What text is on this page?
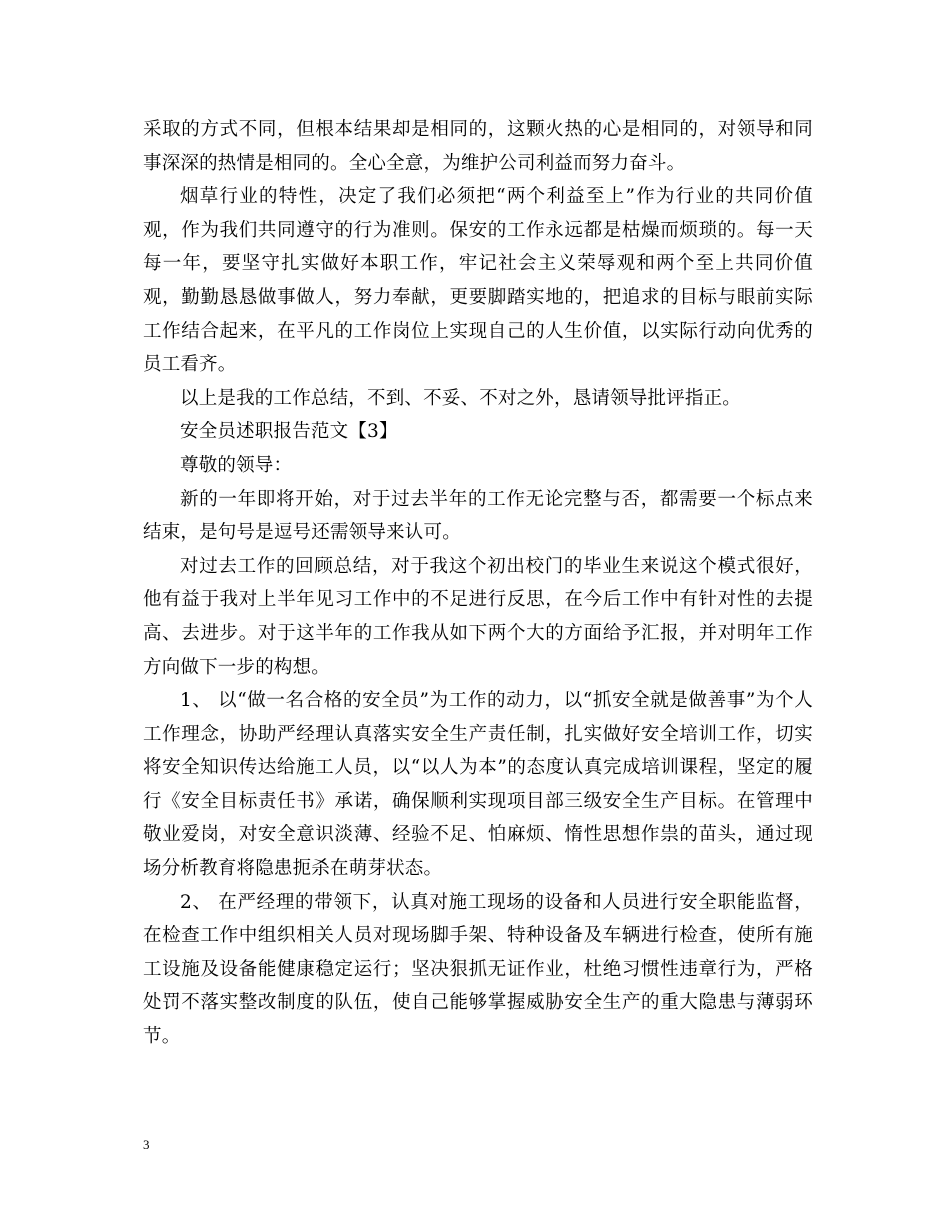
采取的方式不同，但根本结果却是相同的，这颗火热的心是相同的，对领导和同事深深的热情是相同的。全心全意，为维护公司利益而努力奋斗。

烟草行业的特性，决定了我们必须把“两个利益至上”作为行业的共同价值观，作为我们共同遵守的行为准则。保安的工作永远都是枯燥而烦琐的。每一天每一年，要坚守扎实做好本职工作，牢记社会主义荣辱观和两个至上共同价值观，勤勤恳恳做事做人，努力奉献，更要脚踏实地的，把追求的目标与眼前实际工作结合起来，在平凡的工作岗位上实现自己的人生价值，以实际行动向优秀的员工看齐。

以上是我的工作总结，不到、不妥、不对之外，恳请领导批评指正。

安全员述职报告范文【3】

尊敬的领导：

新的一年即将开始，对于过去半年的工作无论完整与否，都需要一个标点来结束，是句号是逗号还需领导来认可。

对过去工作的回顾总结，对于我这个初出校门的毕业生来说这个模式很好，他有益于我对上半年见习工作中的不足进行反思，在今后工作中有针对性的去提高、去进步。对于这半年的工作我从如下两个大的方面给予汇报，并对明年工作方向做下一步的构想。

1、 以“做一名合格的安全员”为工作的动力，以“抓安全就是做善事”为个人工作理念，协助严经理认真落实安全生产责任制，扎实做好安全培训工作，切实将安全知识传达给施工人员，以“以人为本”的态度认真完成培训课程，坚定的履行《安全目标责任书》承诺，确保顺利实现项目部三级安全生产目标。在管理中敬业爱岗，对安全意识淡薄、经验不足、怕麻烦、惰性思想作祟的苗头，通过现场分析教育将隐患扼杀在萌芽状态。

2、 在严经理的带领下，认真对施工现场的设备和人员进行安全职能监督，在检查工作中组织相关人员对现场脚手架、特种设备及车辆进行检查，使所有施工设施及设备能健康稳定运行；坚决狠抓无证作业，杜绝习惯性违章行为，严格处罚不落实整改制度的队伍，使自己能够掌握威胁安全生产的重大隐患与薄弱环节。

3
